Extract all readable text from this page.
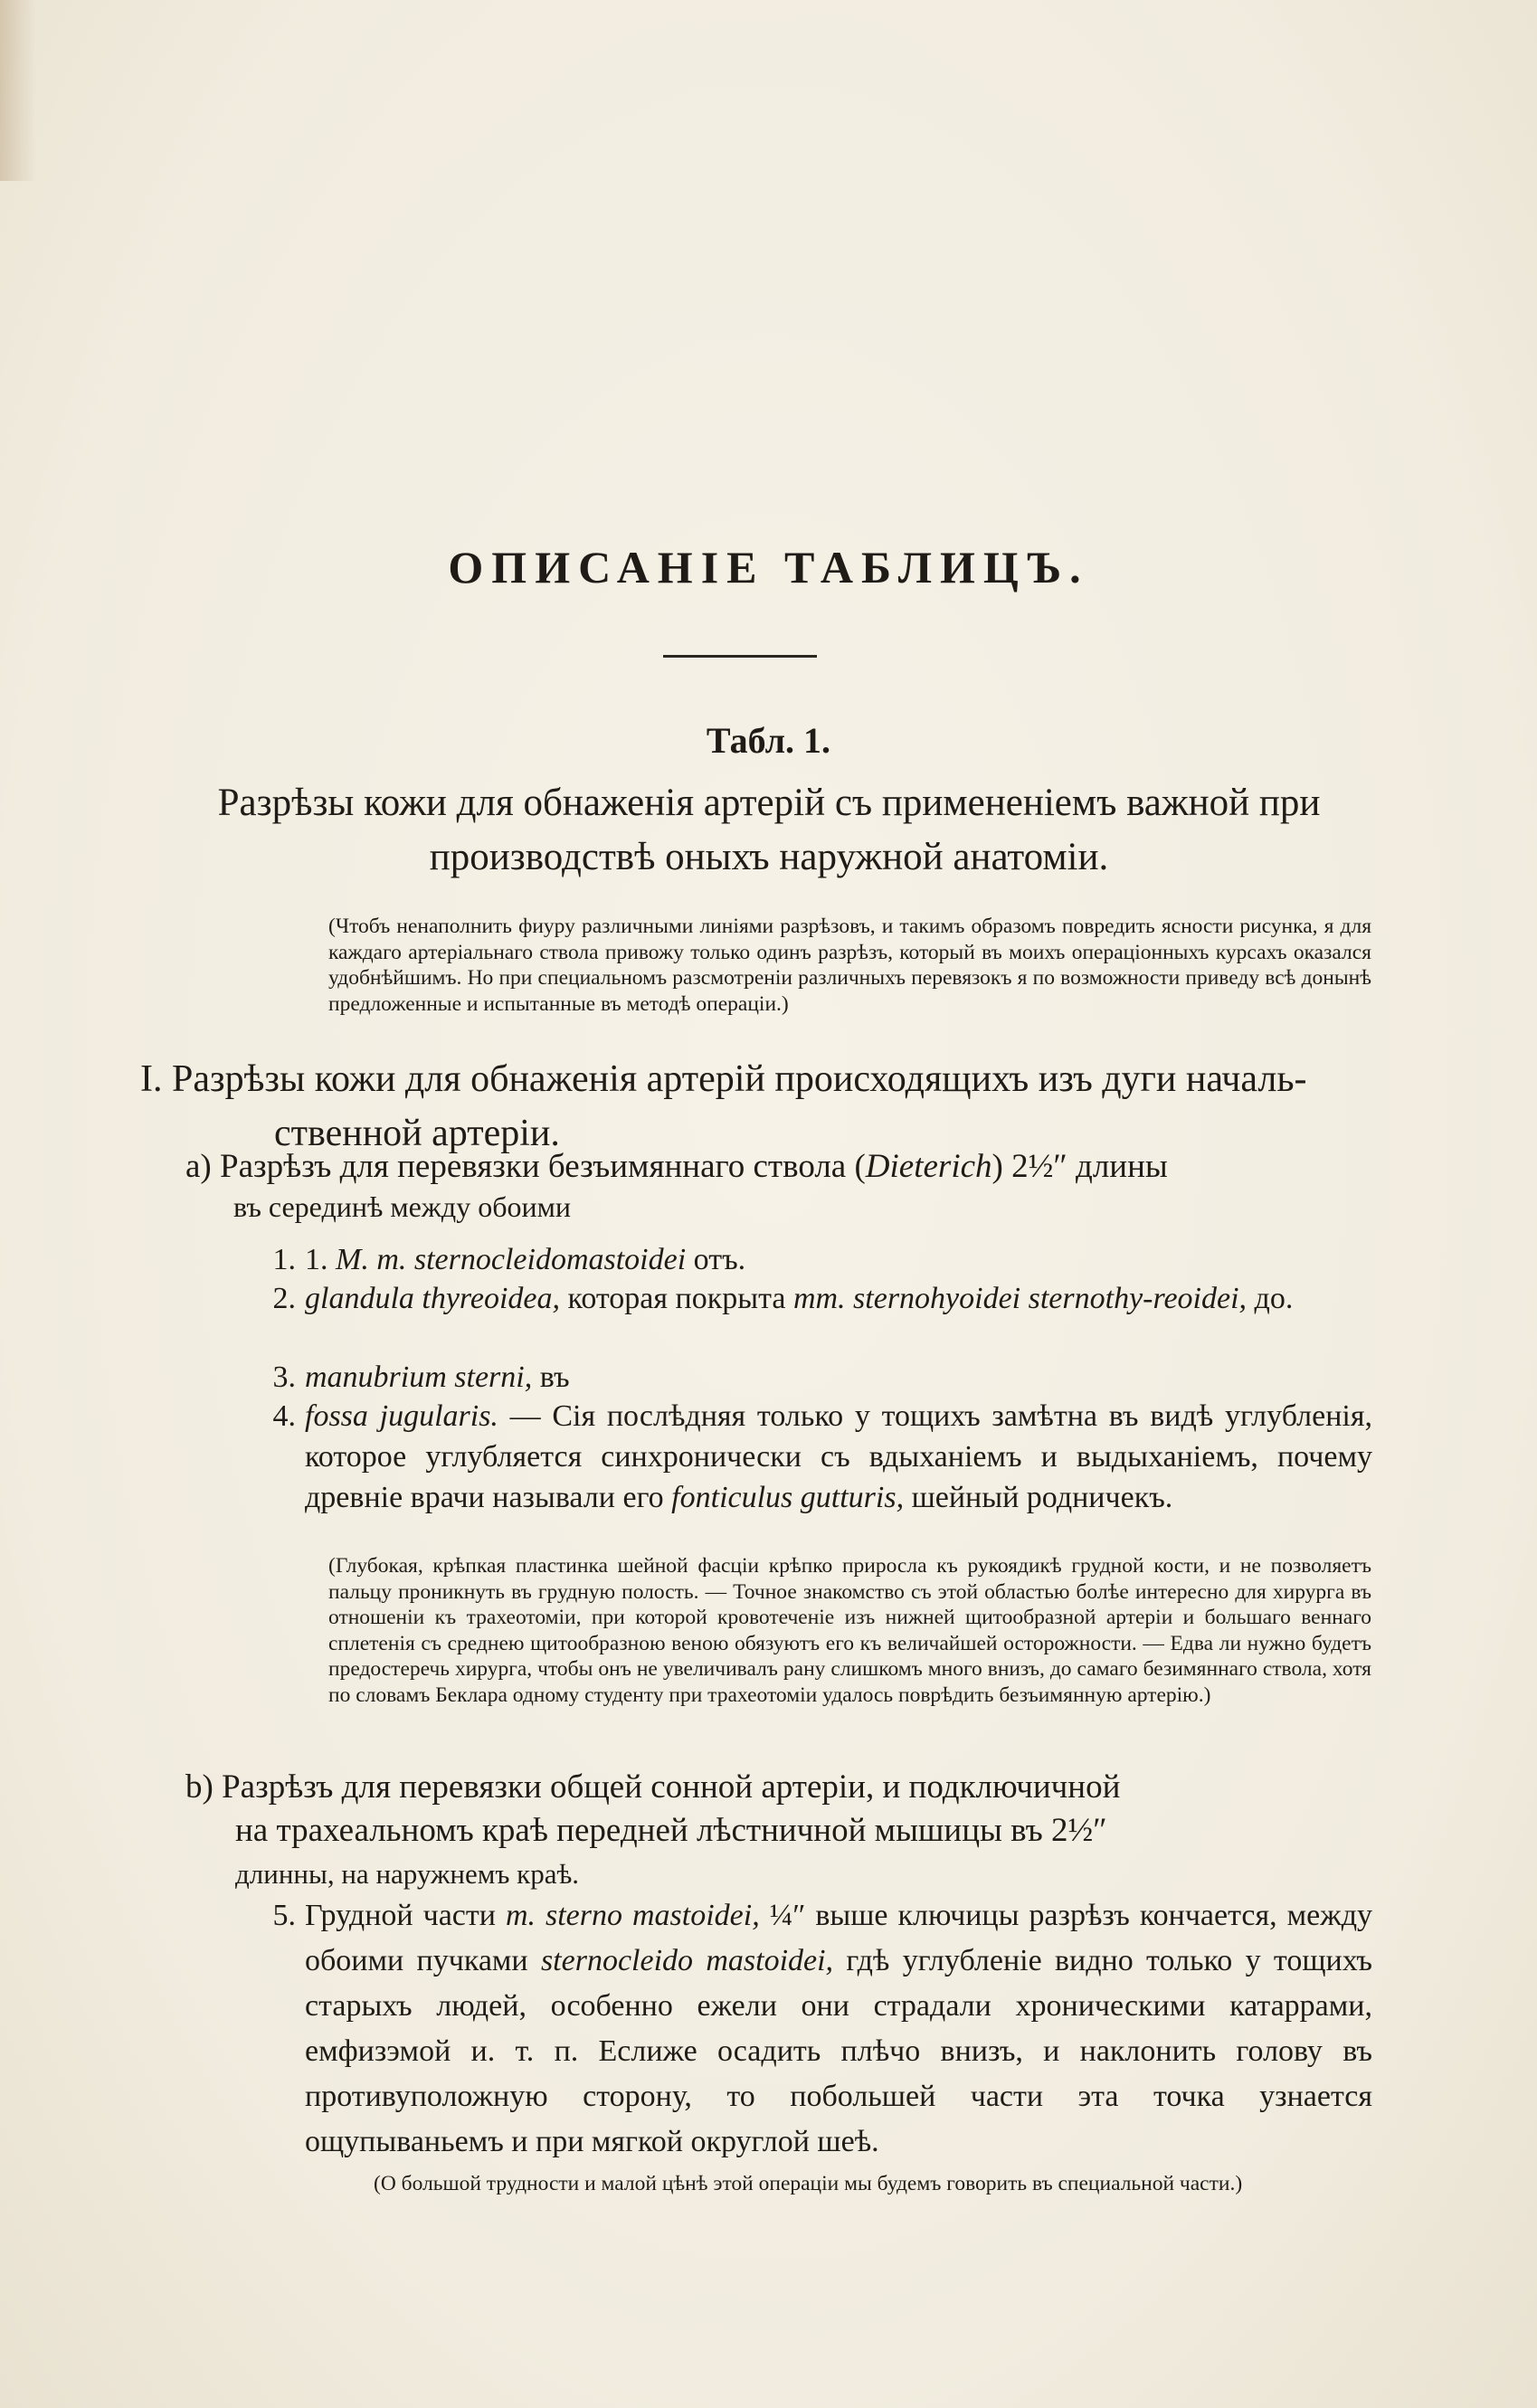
ОПИСАНІЕ ТАБЛИЦЪ.
Табл. 1.
Разрѣзы кожи для обнаженія артерій съ примененіемъ важной при производствѣ оныхъ наружной анатоміи.
(Чтобъ ненаполнить фиуру различными линіями разрѣзовъ, и такимъ образомъ повредить ясности рисунка, я для каждаго артеріальнаго ствола привожу только одинъ разрѣзъ, который въ моихъ операціонныхъ курсахъ оказался удобнѣйшимъ. Но при специальномъ разсмотреніи различныхъ перевязокъ я по возможности приведу всѣ донынѣ предложенные и испытанные въ методѣ операціи.)
I. Разрѣзы кожи для обнаженія артерій происходящихъ изъ дуги началь-
ственной артеріи.
a) Разрѣзъ для перевязки безъимяннаго ствола (Dieterich) 2½″ длины
въ серединѣ между обоими
1. 1. M. m. sternocleidomastoidei отъ.
2. glandula thyreoidea, которая покрыта mm. sternohyoidei sternothy-reoidei, до.
3. manubrium sterni, въ
4. fossa jugularis. — Сія послѣдняя только у тощихъ замѣтна въ видѣ углубленія, которое углубляется синхронически съ вдыханіемъ и выдыханіемъ, почему древніе врачи называли его fonticulus gutturis, шейный родничекъ.
(Глубокая, крѣпкая пластинка шейной фасціи крѣпко приросла къ рукоядикѣ грудной кости, и не позволяетъ пальцу проникнуть въ грудную полость. — Точное знакомство съ этой областью болѣе интересно для хирурга въ отношеніи къ трахеотоміи, при которой кровотеченіе изъ нижней щитообразной артеріи и большаго веннаго сплетенія съ среднею щитообразною веною обязуютъ его къ величайшей осторожности. — Едва ли нужно будетъ предостеречь хирурга, чтобы онъ не увеличивалъ рану слишкомъ много внизъ, до самаго безимяннаго ствола, хотя по словамъ Беклара одному студенту при трахеотоміи удалось поврѣдить безъимянную артерію.)
b) Разрѣзъ для перевязки общей сонной артеріи, и подключичной
на трахеальномъ краѣ передней лѣстничной мышицы въ 2½″
длинны, на наружнемъ краѣ.
5. Грудной части m. sterno mastoidei, ¼″ выше ключицы разрѣзъ кончается, между обоими пучками sternocleido mastoidei, гдѣ углубленіе видно только у тощихъ старыхъ людей, особенно ежели они страдали хроническими катаррами, емфизэмой и. т. п. Еслиже осадить плѣчо внизъ, и наклонить голову въ противуположную сторону, то побольшей части эта точка узнается ощупываньемъ и при мягкой округлой шеѣ.
(О большой трудности и малой цѣнѣ этой операціи мы будемъ говорить въ специальной части.)
